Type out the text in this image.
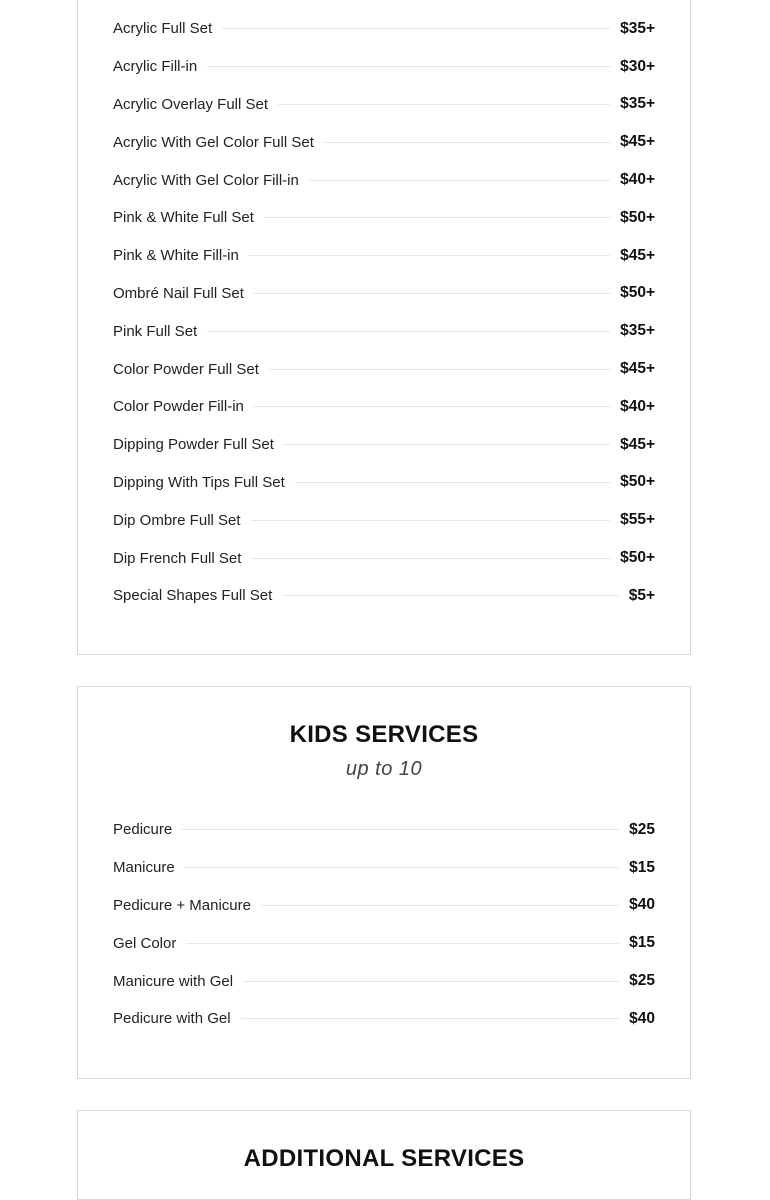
Acrylic Full Set	$35+
Acrylic Fill-in	$30+
Acrylic Overlay Full Set	$35+
Acrylic With Gel Color Full Set	$45+
Acrylic With Gel Color Fill-in	$40+
Pink & White Full Set	$50+
Pink & White Fill-in	$45+
Ombré Nail Full Set	$50+
Pink Full Set	$35+
Color Powder Full Set	$45+
Color Powder Fill-in	$40+
Dipping Powder Full Set	$45+
Dipping With Tips Full Set	$50+
Dip Ombre Full Set	$55+
Dip French Full Set	$50+
Special Shapes Full Set	$5+
KIDS SERVICES
up to 10
Pedicure	$25
Manicure	$15
Pedicure + Manicure	$40
Gel Color	$15
Manicure with Gel	$25
Pedicure with Gel	$40
ADDITIONAL SERVICES
